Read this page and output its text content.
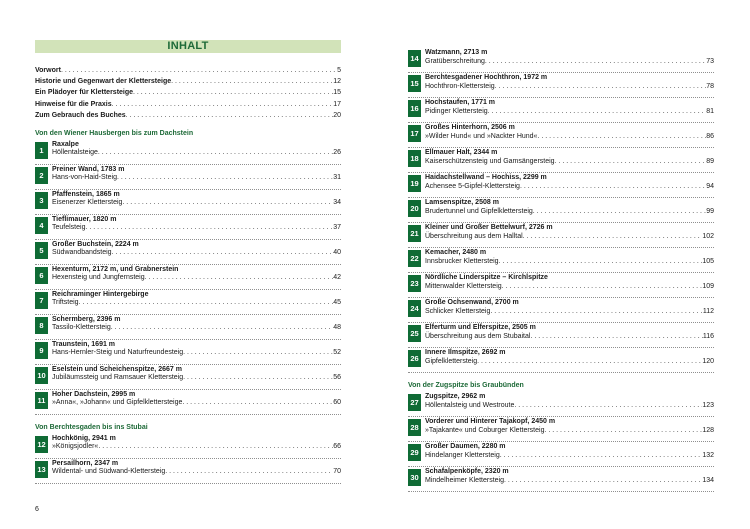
INHALT
Vorwort . . .	5
Historie und Gegenwart der Klettersteige . . .	12
Ein Plädoyer für Klettersteige . . .	15
Hinweise für die Praxis . . .	17
Zum Gebrauch des Buches . . .	20
Von den Wiener Hausbergen bis zum Dachstein
1
Raxalpe
Höllentalsteige . . .	26
2
Preiner Wand, 1783 m
Hans-von-Haid-Steig . . .	31
3
Pfaffenstein, 1865 m
Eisenerzer Klettersteig . . .	34
4
Tieflimauer, 1820 m
Teufelsteig . . .	37
5
Großer Buchstein, 2224 m
Südwandbandsteig . . .	40
6
Hexenturm, 2172 m, und Grabnerstein
Hexensteig und Jungfernsteig . . .	42
7
Reichraminger Hintergebirge
Triftsteig . . .	45
8
Schermberg, 2396 m
Tassilo-Klettersteig . . .	48
9
Traunstein, 1691 m
Hans-Hernler-Steig und Naturfreundesteig . . .	52
10
Eselstein und Scheichenspitze, 2667 m
Jubiläumssteig und Ramsauer Klettersteig . . .	56
11
Hoher Dachstein, 2995 m
»Anna«, »Johann« und Gipfelklettersteige . . .	60
Von Berchtesgaden bis ins Stubai
12
Hochkönig, 2941 m
»Königsjodler« . . .	66
13
Persailhorn, 2347 m
Wildental- und Südwand-Klettersteig . . .	70
6
14
Watzmann, 2713 m
Gratüberschreitung . . .	73
15
Berchtesgadener Hochthron, 1972 m
Hochthron-Klettersteig . . .	78
16
Hochstaufen, 1771 m
Pidinger Klettersteig . . .	81
17
Großes Hinterhorn, 2506 m
»Wilder Hund« und »Nackter Hund« . . .	86
18
Ellmauer Halt, 2344 m
Kaiserschützensteig und Gamsängersteig . . .	89
19
Haidachstellwand – Hochiss, 2299 m
Achensee 5-Gipfel-Klettersteig . . .	94
20
Lamsenspitze, 2508 m
Brudertunnel und Gipfelklettersteig . . .	99
21
Kleiner und Großer Bettelwurf, 2726 m
Überschreitung aus dem Halltal . . .	102
22
Kemacher, 2480 m
Innsbrucker Klettersteig . . .	105
23
Nördliche Linderspitze – Kirchlspitze
Mittenwalder Klettersteig . . .	109
24
Große Ochsenwand, 2700 m
Schlicker Klettersteig . . .	112
25
Elferturm und Elferspitze, 2505 m
Überschreitung aus dem Stubaital . . .	116
26
Innere Ilmspitze, 2692 m
Gipfelklettersteig . . .	120
Von der Zugspitze bis Graubünden
27
Zugspitze, 2962 m
Höllentalsteig und Westroute . . .	123
28
Vorderer und Hinterer Tajakopf, 2450 m
»Tajakante« und Coburger Klettersteig . . .	128
29
Großer Daumen, 2280 m
Hindelanger Klettersteig . . .	132
30
Schafalpenköpfe, 2320 m
Mindelheimer Klettersteig . . .	134
